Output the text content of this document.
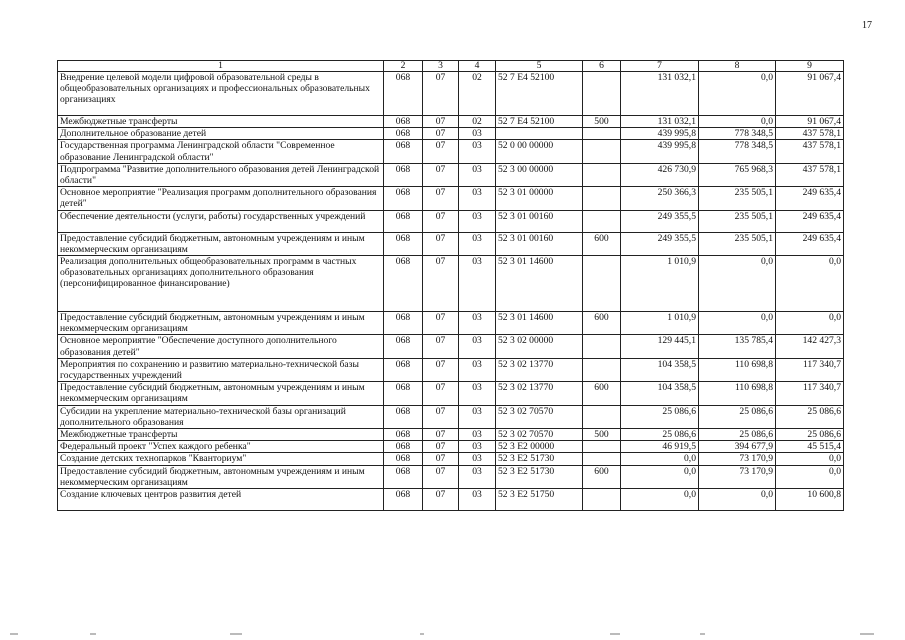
17
1	2	3	4	5	6	7	8	9
Внедрение целевой модели цифровой образовательной среды в общеобразовательных организациях и профессиональных образовательных организациях	068	07	02	52 7 E4 52100		131 032,1	0,0	91 067,4
Межбюджетные трансферты	068	07	02	52 7 E4 52100	500	131 032,1	0,0	91 067,4
Дополнительное образование детей	068	07	03			439 995,8	778 348,5	437 578,1
Государственная программа Ленинградской области "Современное образование Ленинградской области"	068	07	03	52 0 00 00000		439 995,8	778 348,5	437 578,1
Подпрограмма "Развитие дополнительного образования детей Ленинградской области"	068	07	03	52 3 00 00000		426 730,9	765 968,3	437 578,1
Основное мероприятие "Реализация программ дополнительного образования детей"	068	07	03	52 3 01 00000		250 366,3	235 505,1	249 635,4
Обеспечение деятельности (услуги, работы) государственных учреждений	068	07	03	52 3 01 00160		249 355,5	235 505,1	249 635,4
Предоставление субсидий бюджетным, автономным учреждениям и иным некоммерческим организациям	068	07	03	52 3 01 00160	600	249 355,5	235 505,1	249 635,4
Реализация дополнительных общеобразовательных программ в частных образовательных организациях дополнительного образования (персонифицированное финансирование)	068	07	03	52 3 01 14600		1 010,9	0,0	0,0
Предоставление субсидий бюджетным, автономным учреждениям и иным некоммерческим организациям	068	07	03	52 3 01 14600	600	1 010,9	0,0	0,0
Основное мероприятие "Обеспечение доступного дополнительного образования детей"	068	07	03	52 3 02 00000		129 445,1	135 785,4	142 427,3
Мероприятия по сохранению и развитию материально-технической базы государственных учреждений	068	07	03	52 3 02 13770		104 358,5	110 698,8	117 340,7
Предоставление субсидий бюджетным, автономным учреждениям и иным некоммерческим организациям	068	07	03	52 3 02 13770	600	104 358,5	110 698,8	117 340,7
Субсидии на укрепление материально-технической базы организаций дополнительного образования	068	07	03	52 3 02 70570		25 086,6	25 086,6	25 086,6
Межбюджетные трансферты	068	07	03	52 3 02 70570	500	25 086,6	25 086,6	25 086,6
Федеральный проект "Успех каждого ребенка"	068	07	03	52 3 E2 00000		46 919,5	394 677,9	45 515,4
Создание детских технопарков "Кванториум"	068	07	03	52 3 E2 51730		0,0	73 170,9	0,0
Предоставление субсидий бюджетным, автономным учреждениям и иным некоммерческим организациям	068	07	03	52 3 E2 51730	600	0,0	73 170,9	0,0
Создание ключевых центров развития детей	068	07	03	52 3 E2 51750		0,0	0,0	10 600,8
